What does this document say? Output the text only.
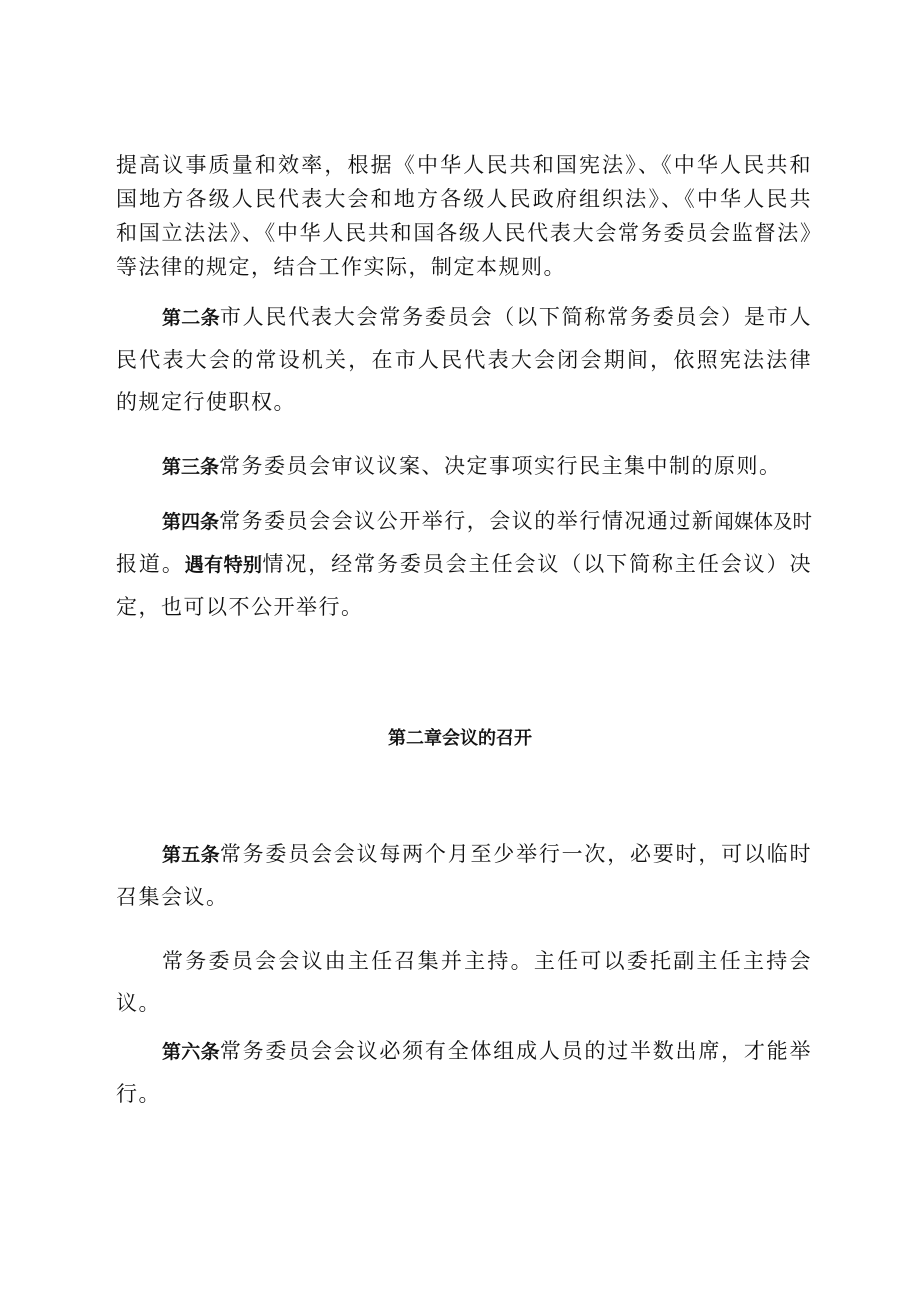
提高议事质量和效率，根据《中华人民共和国宪法》、《中华人民共和国地方各级人民代表大会和地方各级人民政府组织法》、《中华人民共和国立法法》、《中华人民共和国各级人民代表大会常务委员会监督法》等法律的规定，结合工作实际，制定本规则。

第二条市人民代表大会常务委员会（以下简称常务委员会）是市人民代表大会的常设机关，在市人民代表大会闭会期间，依照宪法法律的规定行使职权。

第三条常务委员会审议议案、决定事项实行民主集中制的原则。

第四条常务委员会会议公开举行，会议的举行情况通过新闻媒体及时报道。遇有特别情况，经常务委员会主任会议（以下简称主任会议）决定，也可以不公开举行。

第二章会议的召开

第五条常务委员会会议每两个月至少举行一次，必要时，可以临时召集会议。

常务委员会会议由主任召集并主持。主任可以委托副主任主持会议。

第六条常务委员会会议必须有全体组成人员的过半数出席，才能举行。
